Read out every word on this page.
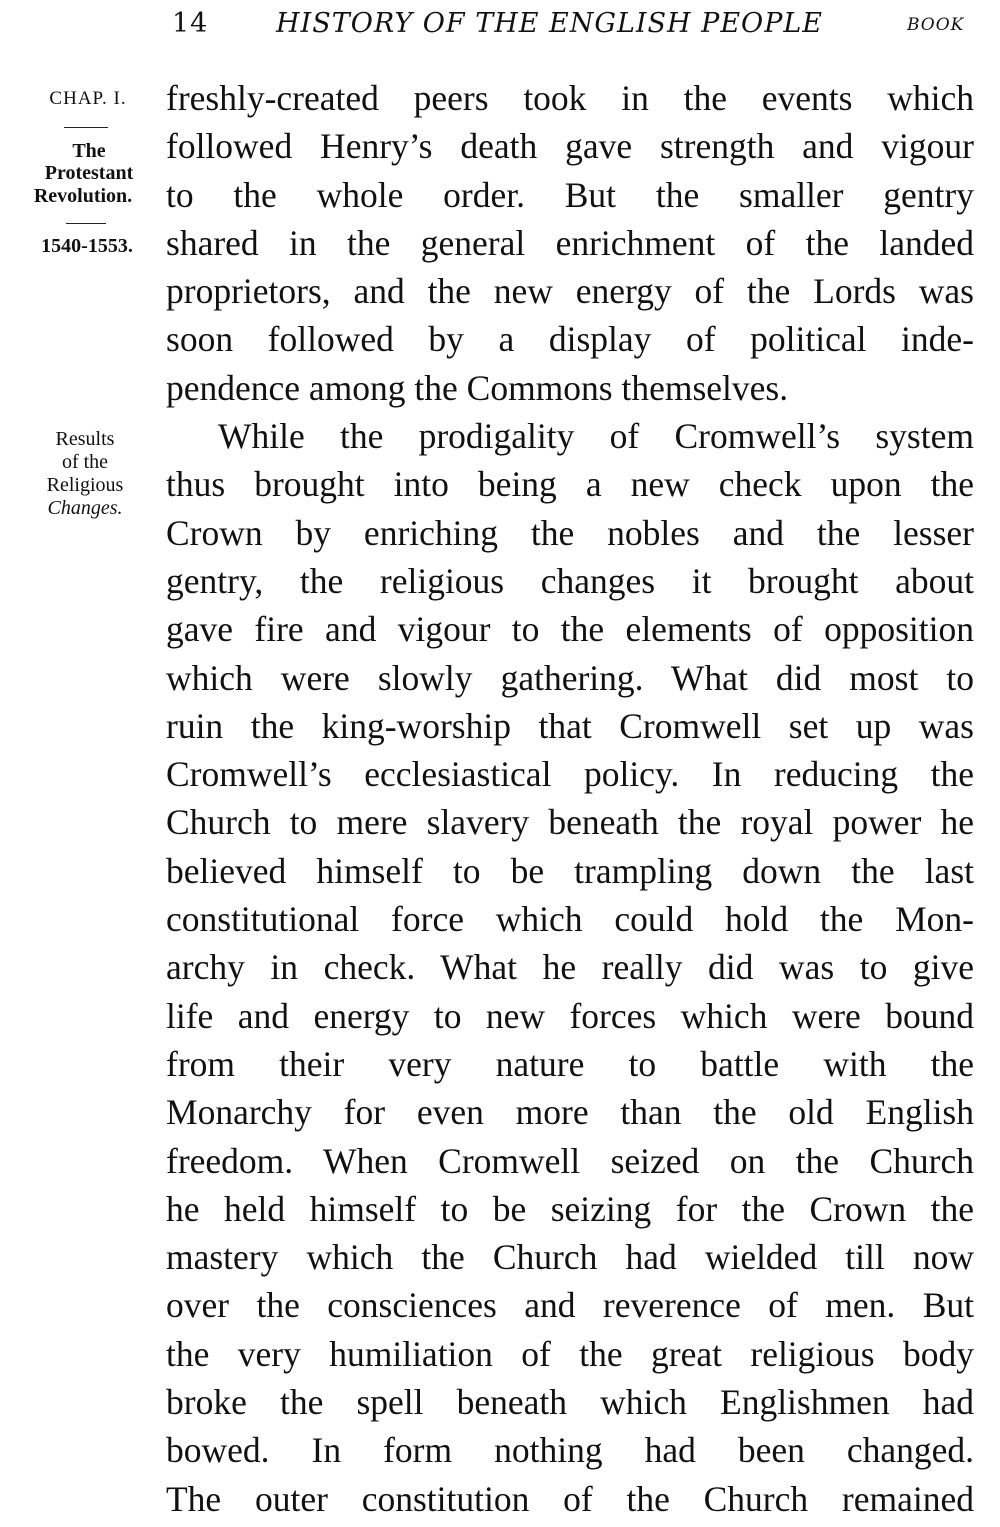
14	HISTORY OF THE ENGLISH PEOPLE	BOOK
CHAP. I.
The
Protestant
Revolution.
1540-1553.
Results
of the
Religious
Changes.
freshly-created peers took in the events which
followed Henry’s death gave strength and vigour
to the whole order. But the smaller gentry
shared in the general enrichment of the landed
proprietors, and the new energy of the Lords was
soon followed by a display of political inde-
pendence among the Commons themselves.
While the prodigality of Cromwell’s system
thus brought into being a new check upon the
Crown by enriching the nobles and the lesser
gentry, the religious changes it brought about
gave fire and vigour to the elements of opposition
which were slowly gathering. What did most to
ruin the king-worship that Cromwell set up was
Cromwell’s ecclesiastical policy. In reducing the
Church to mere slavery beneath the royal power he
believed himself to be trampling down the last
constitutional force which could hold the Mon-
archy in check. What he really did was to give
life and energy to new forces which were bound
from their very nature to battle with the
Monarchy for even more than the old English
freedom. When Cromwell seized on the Church
he held himself to be seizing for the Crown the
mastery which the Church had wielded till now
over the consciences and reverence of men. But
the very humiliation of the great religious body
broke the spell beneath which Englishmen had
bowed. In form nothing had been changed.
The outer constitution of the Church remained
